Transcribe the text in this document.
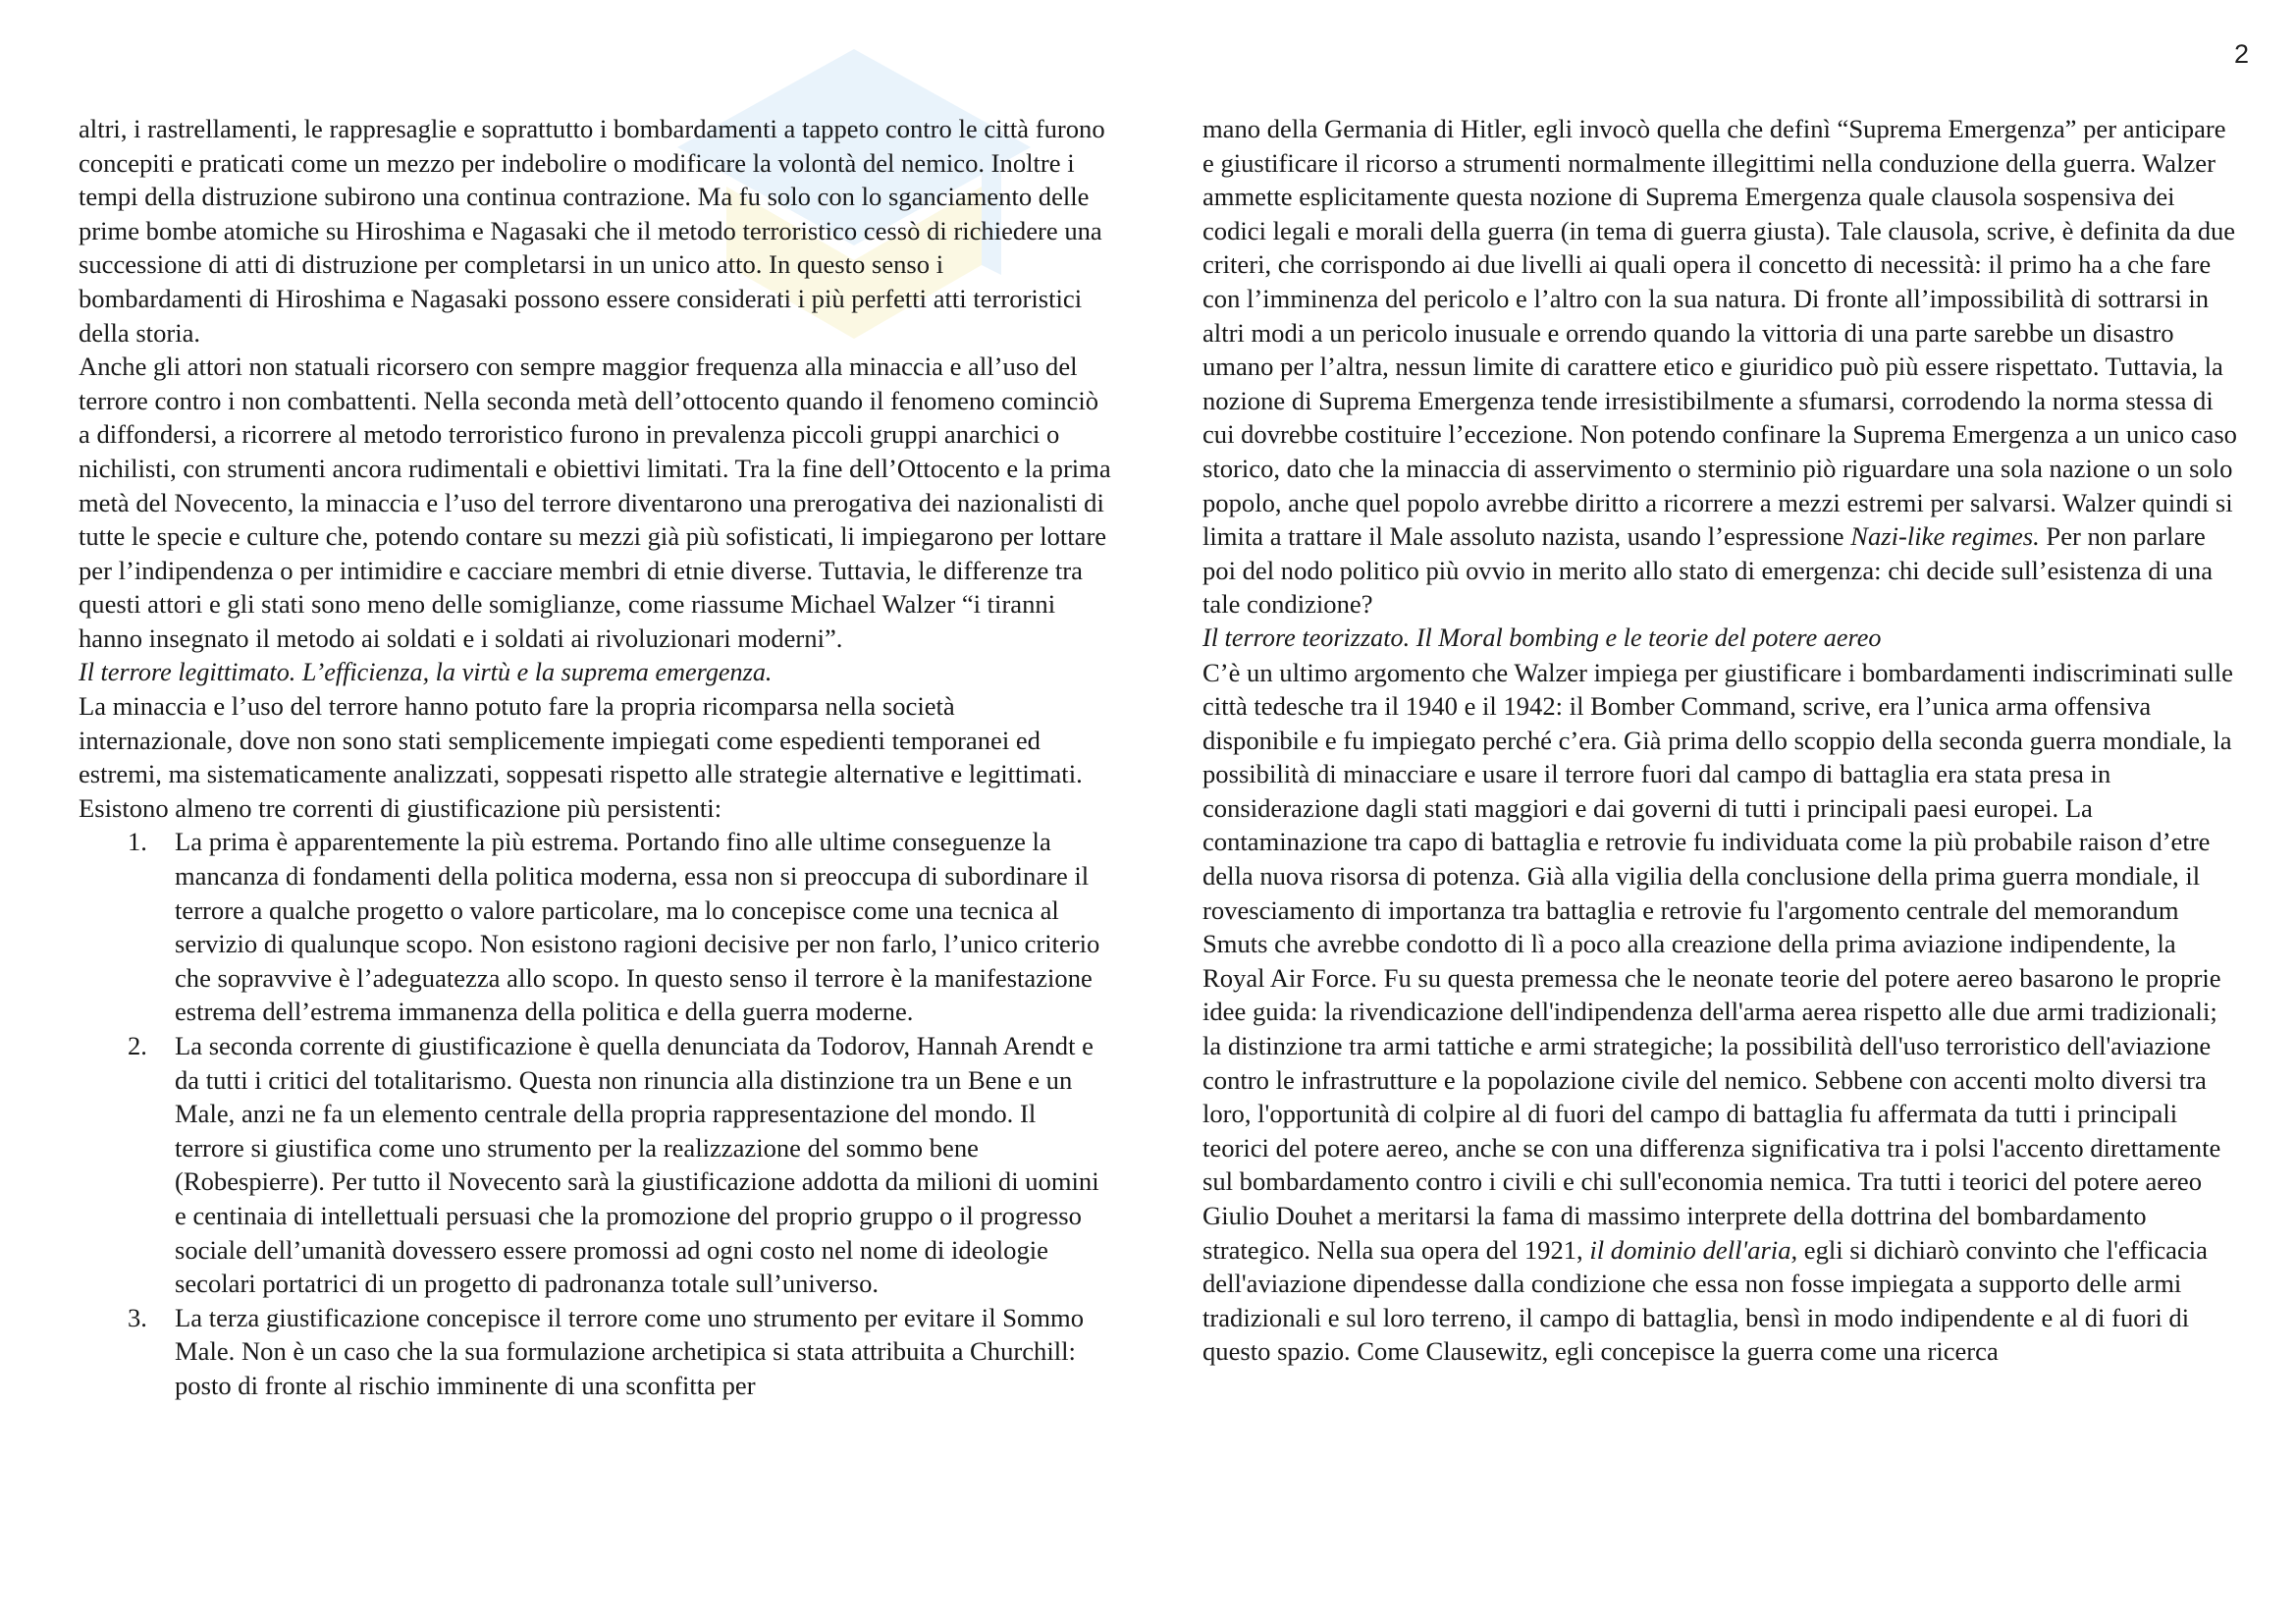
2

altri, i rastrellamenti, le rappresaglie e soprattutto i bombardamenti a tappeto contro le città furono concepiti e praticati come un mezzo per indebolire o modificare la volontà del nemico. Inoltre i tempi della distruzione subirono una continua contrazione. Ma fu solo con lo sganciamento delle prime bombe atomiche su Hiroshima e Nagasaki che il metodo terroristico cessò di richiedere una successione di atti di distruzione per completarsi in un unico atto. In questo senso i bombardamenti di Hiroshima e Nagasaki possono essere considerati i più perfetti atti terroristici della storia.

Anche gli attori non statuali ricorsero con sempre maggior frequenza alla minaccia e all’uso del terrore contro i non combattenti. Nella seconda metà dell’ottocento quando il fenomeno cominciò a diffondersi, a ricorrere al metodo terroristico furono in prevalenza piccoli gruppi anarchici o nichilisti, con strumenti ancora rudimentali e obiettivi limitati. Tra la fine dell’Ottocento e la prima metà del Novecento, la minaccia e l’uso del terrore diventarono una prerogativa dei nazionalisti di tutte le specie e culture che, potendo contare su mezzi già più sofisticati, li impiegarono per lottare per l’indipendenza o per intimidire e cacciare membri di etnie diverse. Tuttavia, le differenze tra questi attori e gli stati sono meno delle somiglianze, come riassume Michael Walzer “i tiranni hanno insegnato il metodo ai soldati e i soldati ai rivoluzionari moderni”.

Il terrore legittimato. L’efficienza, la virtù e la suprema emergenza.

La minaccia e l’uso del terrore hanno potuto fare la propria ricomparsa nella società internazionale, dove non sono stati semplicemente impiegati come espedienti temporanei ed estremi, ma sistematicamente analizzati, soppesati rispetto alle strategie alternative e legittimati. Esistono almeno tre correnti di giustificazione più persistenti:

1. La prima è apparentemente la più estrema. Portando fino alle ultime conseguenze la mancanza di fondamenti della politica moderna, essa non si preoccupa di subordinare il terrore a qualche progetto o valore particolare, ma lo concepisce come una tecnica al servizio di qualunque scopo. Non esistono ragioni decisive per non farlo, l’unico criterio che sopravvive è l’adeguatezza allo scopo. In questo senso il terrore è la manifestazione estrema dell’estrema immanenza della politica e della guerra moderne.
2. La seconda corrente di giustificazione è quella denunciata da Todorov, Hannah Arendt e da tutti i critici del totalitarismo. Questa non rinuncia alla distinzione tra un Bene e un Male, anzi ne fa un elemento centrale della propria rappresentazione del mondo. Il terrore si giustifica come uno strumento per la realizzazione del sommo bene (Robespierre). Per tutto il Novecento sarà la giustificazione addotta da milioni di uomini e centinaia di intellettuali persuasi che la promozione del proprio gruppo o il progresso sociale dell’umanità dovessero essere promossi ad ogni costo nel nome di ideologie secolari portatrici di un progetto di padronanza totale sull’universo.
3. La terza giustificazione concepisce il terrore come uno strumento per evitare il Sommo Male. Non è un caso che la sua formulazione archetipica si stata attribuita a Churchill: posto di fronte al rischio imminente di una sconfitta per

mano della Germania di Hitler, egli invocò quella che definì “Suprema Emergenza” per anticipare e giustificare il ricorso a strumenti normalmente illegittimi nella conduzione della guerra. Walzer ammette esplicitamente questa nozione di Suprema Emergenza quale clausola sospensiva dei codici legali e morali della guerra (in tema di guerra giusta). Tale clausola, scrive, è definita da due criteri, che corrispondo ai due livelli ai quali opera il concetto di necessità: il primo ha a che fare con l’imminenza del pericolo e l’altro con la sua natura. Di fronte all’impossibilità di sottrarsi in altri modi a un pericolo inusuale e orrendo quando la vittoria di una parte sarebbe un disastro umano per l’altra, nessun limite di carattere etico e giuridico può più essere rispettato. Tuttavia, la nozione di Suprema Emergenza tende irresistibilmente a sfumarsi, corrodendo la norma stessa di cui dovrebbe costituire l’eccezione. Non potendo confinare la Suprema Emergenza a un unico caso storico, dato che la minaccia di asservimento o sterminio piò riguardare una sola nazione o un solo popolo, anche quel popolo avrebbe diritto a ricorrere a mezzi estremi per salvarsi. Walzer quindi si limita a trattare il Male assoluto nazista, usando l’espressione Nazi-like regimes. Per non parlare poi del nodo politico più ovvio in merito allo stato di emergenza: chi decide sull’esistenza di una tale condizione?

Il terrore teorizzato. Il Moral bombing e le teorie del potere aereo

C’è un ultimo argomento che Walzer impiega per giustificare i bombardamenti indiscriminati sulle città tedesche tra il 1940 e il 1942: il Bomber Command, scrive, era l’unica arma offensiva disponibile e fu impiegato perché c’era. Già prima dello scoppio della seconda guerra mondiale, la possibilità di minacciare e usare il terrore fuori dal campo di battaglia era stata presa in considerazione dagli stati maggiori e dai governi di tutti i principali paesi europei. La contaminazione tra capo di battaglia e retrovie fu individuata come la più probabile raison d’etre della nuova risorsa di potenza. Già alla vigilia della conclusione della prima guerra mondiale, il rovesciamento di importanza tra battaglia e retrovie fu l'argomento centrale del memorandum Smuts che avrebbe condotto di lì a poco alla creazione della prima aviazione indipendente, la Royal Air Force. Fu su questa premessa che le neonate teorie del potere aereo basarono le proprie idee guida: la rivendicazione dell'indipendenza dell'arma aerea rispetto alle due armi tradizionali; la distinzione tra armi tattiche e armi strategiche; la possibilità dell'uso terroristico dell'aviazione contro le infrastrutture e la popolazione civile del nemico. Sebbene con accenti molto diversi tra loro, l'opportunità di colpire al di fuori del campo di battaglia fu affermata da tutti i principali teorici del potere aereo, anche se con una differenza significativa tra i polsi l'accento direttamente sul bombardamento contro i civili e chi sull'economia nemica. Tra tutti i teorici del potere aereo Giulio Douhet a meritarsi la fama di massimo interprete della dottrina del bombardamento strategico. Nella sua opera del 1921, il dominio dell'aria, egli si dichiarò convinto che l'efficacia dell'aviazione dipendesse dalla condizione che essa non fosse impiegata a supporto delle armi tradizionali e sul loro terreno, il campo di battaglia, bensì in modo indipendente e al di fuori di questo spazio. Come Clausewitz, egli concepisce la guerra come una ricerca
